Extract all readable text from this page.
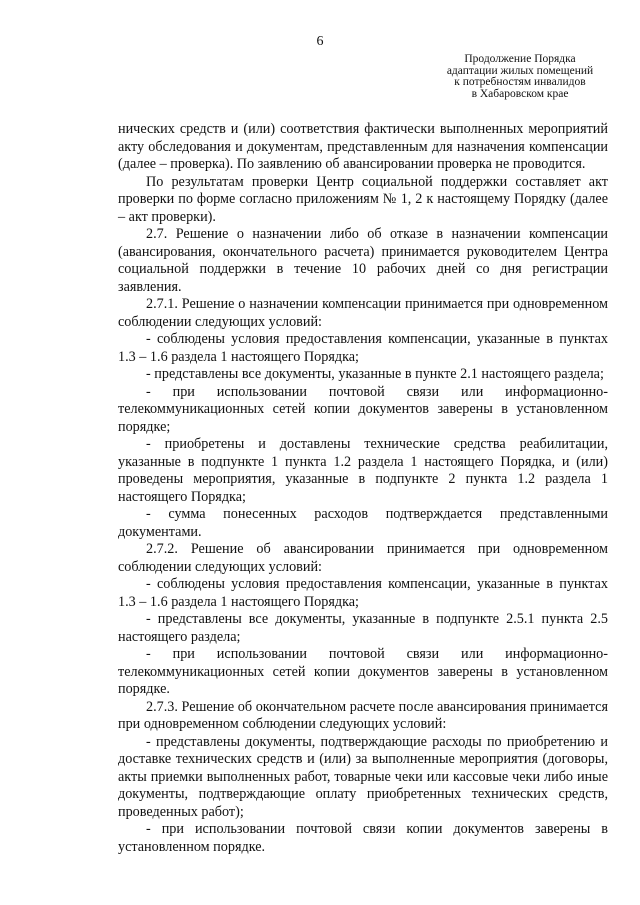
6
Продолжение Порядка
адаптации жилых помещений
к потребностям инвалидов
в Хабаровском крае

нических средств и (или) соответствия фактически выполненных мероприятий акту обследования и документам, представленным для назначения компенсации (далее – проверка). По заявлению об авансировании проверка не проводится.

По результатам проверки Центр социальной поддержки составляет акт проверки по форме согласно приложениям № 1, 2 к настоящему Порядку (далее – акт проверки).

2.7. Решение о назначении либо об отказе в назначении компенсации (авансирования, окончательного расчета) принимается руководителем Центра социальной поддержки в течение 10 рабочих дней со дня регистрации заявления.

2.7.1. Решение о назначении компенсации принимается при одновременном соблюдении следующих условий:

- соблюдены условия предоставления компенсации, указанные в пунктах 1.3 – 1.6 раздела 1 настоящего Порядка;

- представлены все документы, указанные в пункте 2.1 настоящего раздела;

- при использовании почтовой связи или информационно-телекоммуникационных сетей копии документов заверены в установленном порядке;

- приобретены и доставлены технические средства реабилитации, указанные в подпункте 1 пункта 1.2 раздела 1 настоящего Порядка, и (или) проведены мероприятия, указанные в подпункте 2 пункта 1.2 раздела 1 настоящего Порядка;

- сумма понесенных расходов подтверждается представленными документами.

2.7.2. Решение об авансировании принимается при одновременном соблюдении следующих условий:

- соблюдены условия предоставления компенсации, указанные в пунктах 1.3 – 1.6 раздела 1 настоящего Порядка;

- представлены все документы, указанные в подпункте 2.5.1 пункта 2.5 настоящего раздела;

- при использовании почтовой связи или информационно-телекоммуникационных сетей копии документов заверены в установленном порядке.

2.7.3. Решение об окончательном расчете после авансирования принимается при одновременном соблюдении следующих условий:

- представлены документы, подтверждающие расходы по приобретению и доставке технических средств и (или) за выполненные мероприятия (договоры, акты приемки выполненных работ, товарные чеки или кассовые чеки либо иные документы, подтверждающие оплату приобретенных технических средств, проведенных работ);

- при использовании почтовой связи копии документов заверены в установленном порядке.
